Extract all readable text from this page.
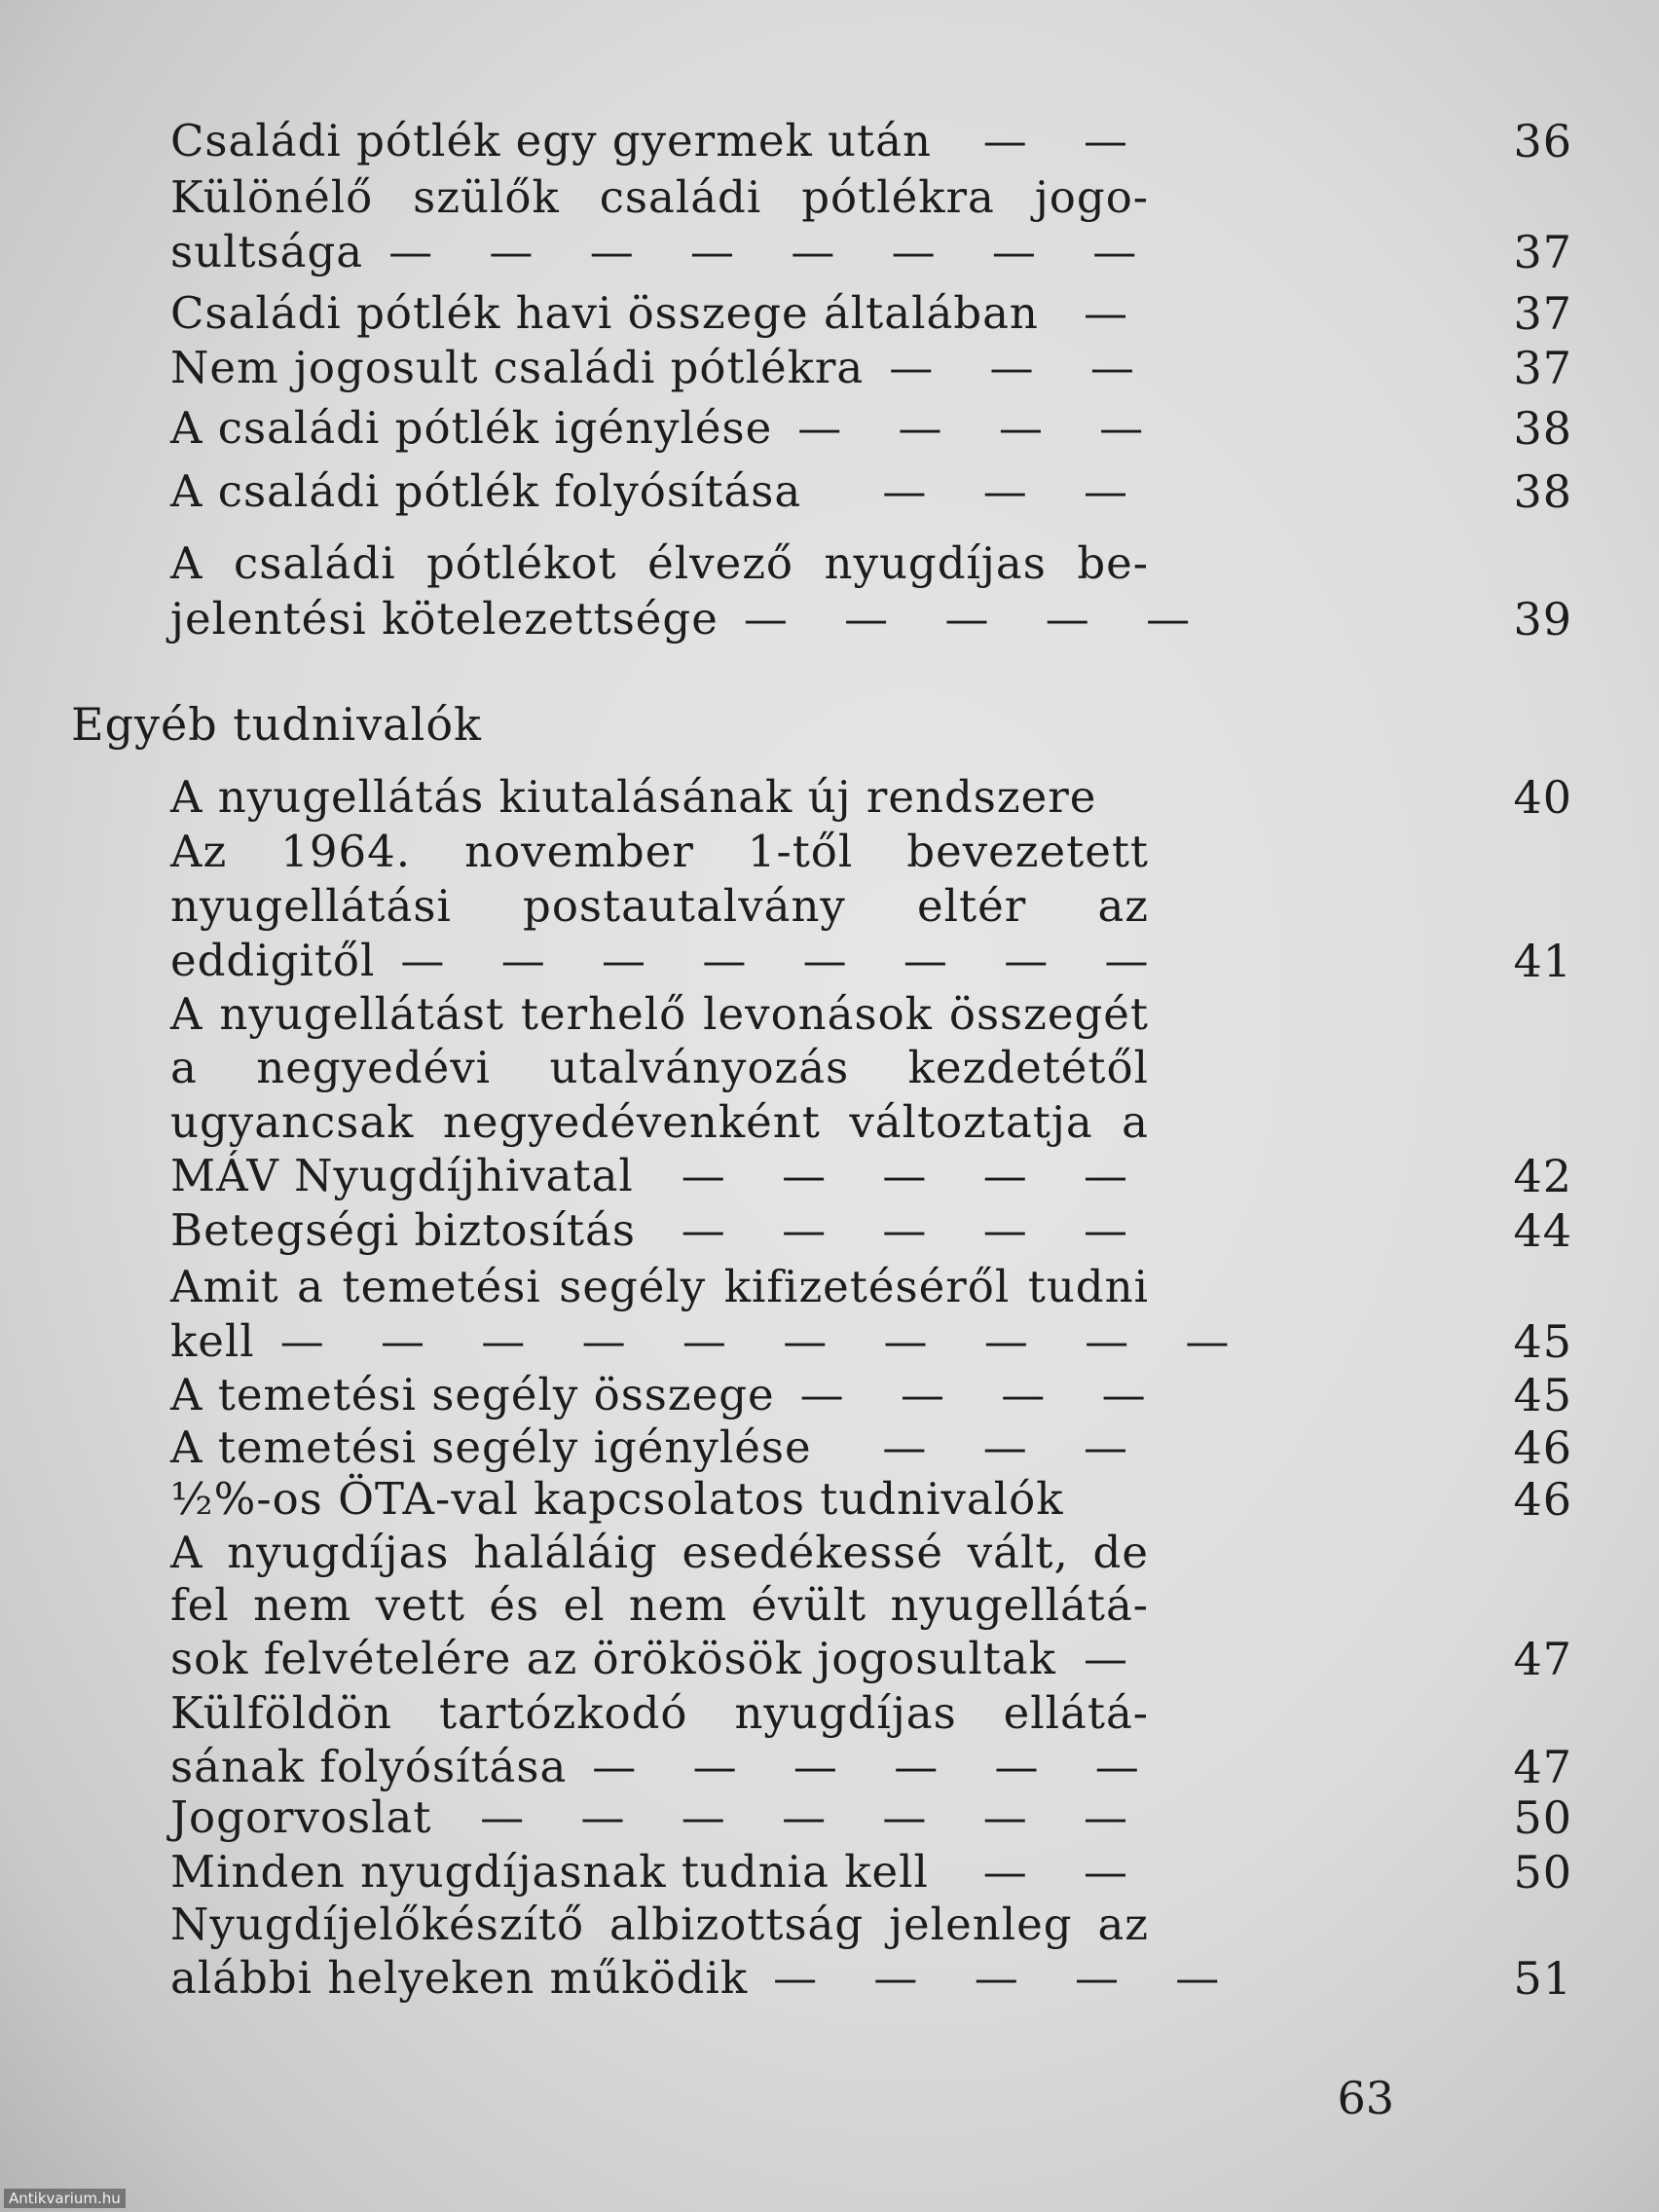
Családi pótlék egy gyermek után	— —	36
Különélő szülők családi pótlékra jogo-
sultsága — — — — — — — —	37
Családi pótlék havi összege általában	—	37
Nem jogosult családi pótlékra — — —	37
A családi pótlék igénylése — — — —	38
A családi pótlék folyósítása	— — —	38
A családi pótlékot élvező nyugdíjas be-
jelentési kötelezettsége — — — — —	39
A nyugellátás kiutalásának új rendszere	40
Az 1964. november 1-től bevezetett
nyugellátási postautalvány eltér az
eddigitől — — — — — — — —	41
A nyugellátást terhelő levonások összegét
a negyedévi utalványozás kezdetétől
ugyancsak negyedévenként változtatja a
MÁV Nyugdíjhivatal	— — — — —	42
Betegségi biztosítás	— — — — —	44
Amit a temetési segély kifizetéséről tudni
kell — — — — — — — — — —	45
A temetési segély összege — — — —	45
A temetési segély igénylése	— — —	46
½%-os ÖTA-val kapcsolatos tudnivalók	46
A nyugdíjas haláláig esedékessé vált, de
fel nem vett és el nem évült nyugellátá-
sok felvételére az örökösök jogosultak —	47
Külföldön tartózkodó nyugdíjas ellátá-
sának folyósítása — — — — — —	47
Jogorvoslat	— — — — — — —	50
Minden nyugdíjasnak tudnia kell	— —	50
Nyugdíjelőkészítő albizottság jelenleg az
alábbi helyeken működik — — — — —	51
Egyéb tudnivalók
63
Antikvarium.hu
